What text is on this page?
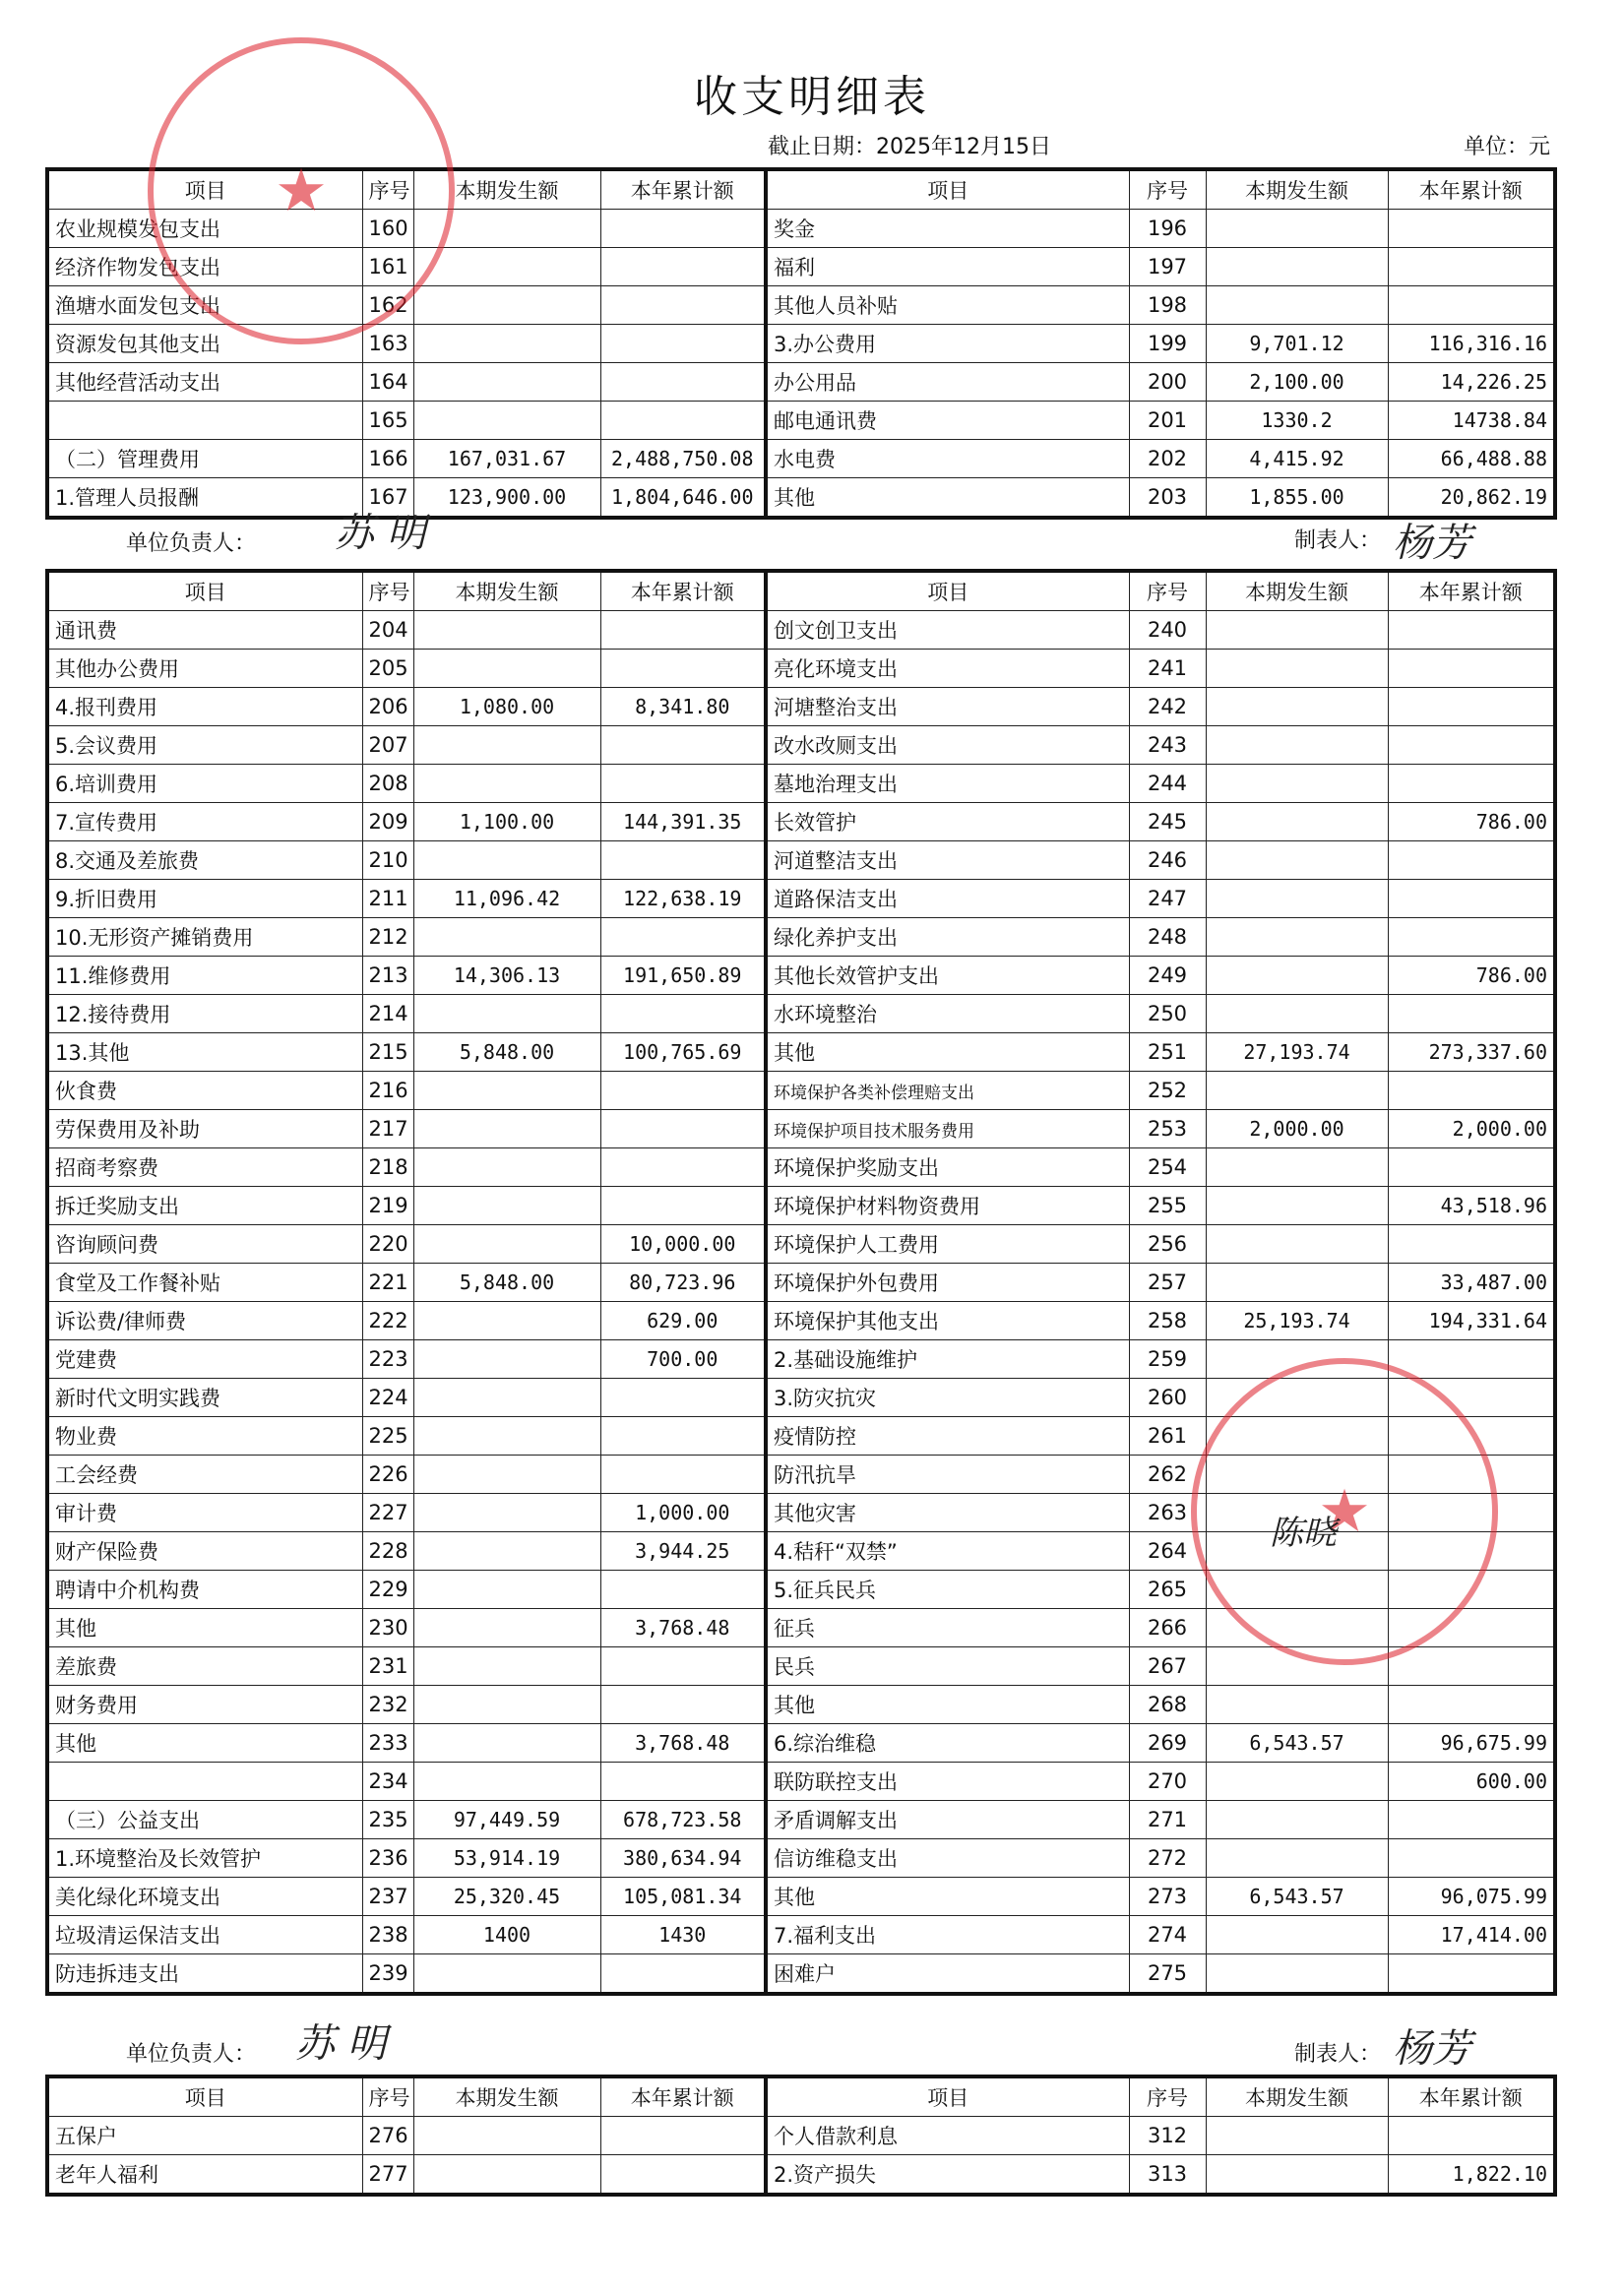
收支明细表
截止日期：2025年12月15日	单位：元
项目	序号	本期发生额	本年累计额	项目	序号	本期发生额	本年累计额
农业规模发包支出	160			奖金	196		
经济作物发包支出	161			福利	197		
渔塘水面发包支出	162			其他人员补贴	198		
资源发包其他支出	163			3.办公费用	199	9,701.12	116,316.16
其他经营活动支出	164			办公用品	200	2,100.00	14,226.25
	165			邮电通讯费	201	1330.2	14738.84
（二）管理费用	166	167,031.67	2,488,750.08	水电费	202	4,415.92	66,488.88
1.管理人员报酬	167	123,900.00	1,804,646.00	其他	203	1,855.00	20,862.19
单位负责人：	制表人：
项目	序号	本期发生额	本年累计额	项目	序号	本期发生额	本年累计额
通讯费	204			创文创卫支出	240		
其他办公费用	205			亮化环境支出	241		
4.报刊费用	206	1,080.00	8,341.80	河塘整治支出	242		
5.会议费用	207			改水改厕支出	243		
6.培训费用	208			墓地治理支出	244		
7.宣传费用	209	1,100.00	144,391.35	长效管护	245		786.00
8.交通及差旅费	210			河道整洁支出	246		
9.折旧费用	211	11,096.42	122,638.19	道路保洁支出	247		
10.无形资产摊销费用	212			绿化养护支出	248		
11.维修费用	213	14,306.13	191,650.89	其他长效管护支出	249		786.00
12.接待费用	214			水环境整治	250		
13.其他	215	5,848.00	100,765.69	其他	251	27,193.74	273,337.60
伙食费	216			环境保护各类补偿理赔支出	252		
劳保费用及补助	217			环境保护项目技术服务费用	253	2,000.00	2,000.00
招商考察费	218			环境保护奖励支出	254		
拆迁奖励支出	219			环境保护材料物资费用	255		43,518.96
咨询顾问费	220		10,000.00	环境保护人工费用	256		
食堂及工作餐补贴	221	5,848.00	80,723.96	环境保护外包费用	257		33,487.00
诉讼费/律师费	222		629.00	环境保护其他支出	258	25,193.74	194,331.64
党建费	223		700.00	2.基础设施维护	259		
新时代文明实践费	224			3.防灾抗灾	260		
物业费	225			疫情防控	261		
工会经费	226			防汛抗旱	262		
审计费	227		1,000.00	其他灾害	263		
财产保险费	228		3,944.25	4.秸秆“双禁”	264		
聘请中介机构费	229			5.征兵民兵	265		
其他	230		3,768.48	征兵	266		
差旅费	231			民兵	267		
财务费用	232			其他	268		
其他	233		3,768.48	6.综治维稳	269	6,543.57	96,675.99
	234			联防联控支出	270		600.00
（三）公益支出	235	97,449.59	678,723.58	矛盾调解支出	271		
1.环境整治及长效管护	236	53,914.19	380,634.94	信访维稳支出	272		
美化绿化环境支出	237	25,320.45	105,081.34	其他	273	6,543.57	96,075.99
垃圾清运保洁支出	238	1400	1430	7.福利支出	274		17,414.00
防违拆违支出	239			困难户	275		
单位负责人：	制表人：
项目	序号	本期发生额	本年累计额	项目	序号	本期发生额	本年累计额
五保户	276			个人借款利息	312		
老年人福利	277			2.资产损失	313		1,822.10
★
★
苏 明	杨芳
苏 明	杨芳
陈晓
